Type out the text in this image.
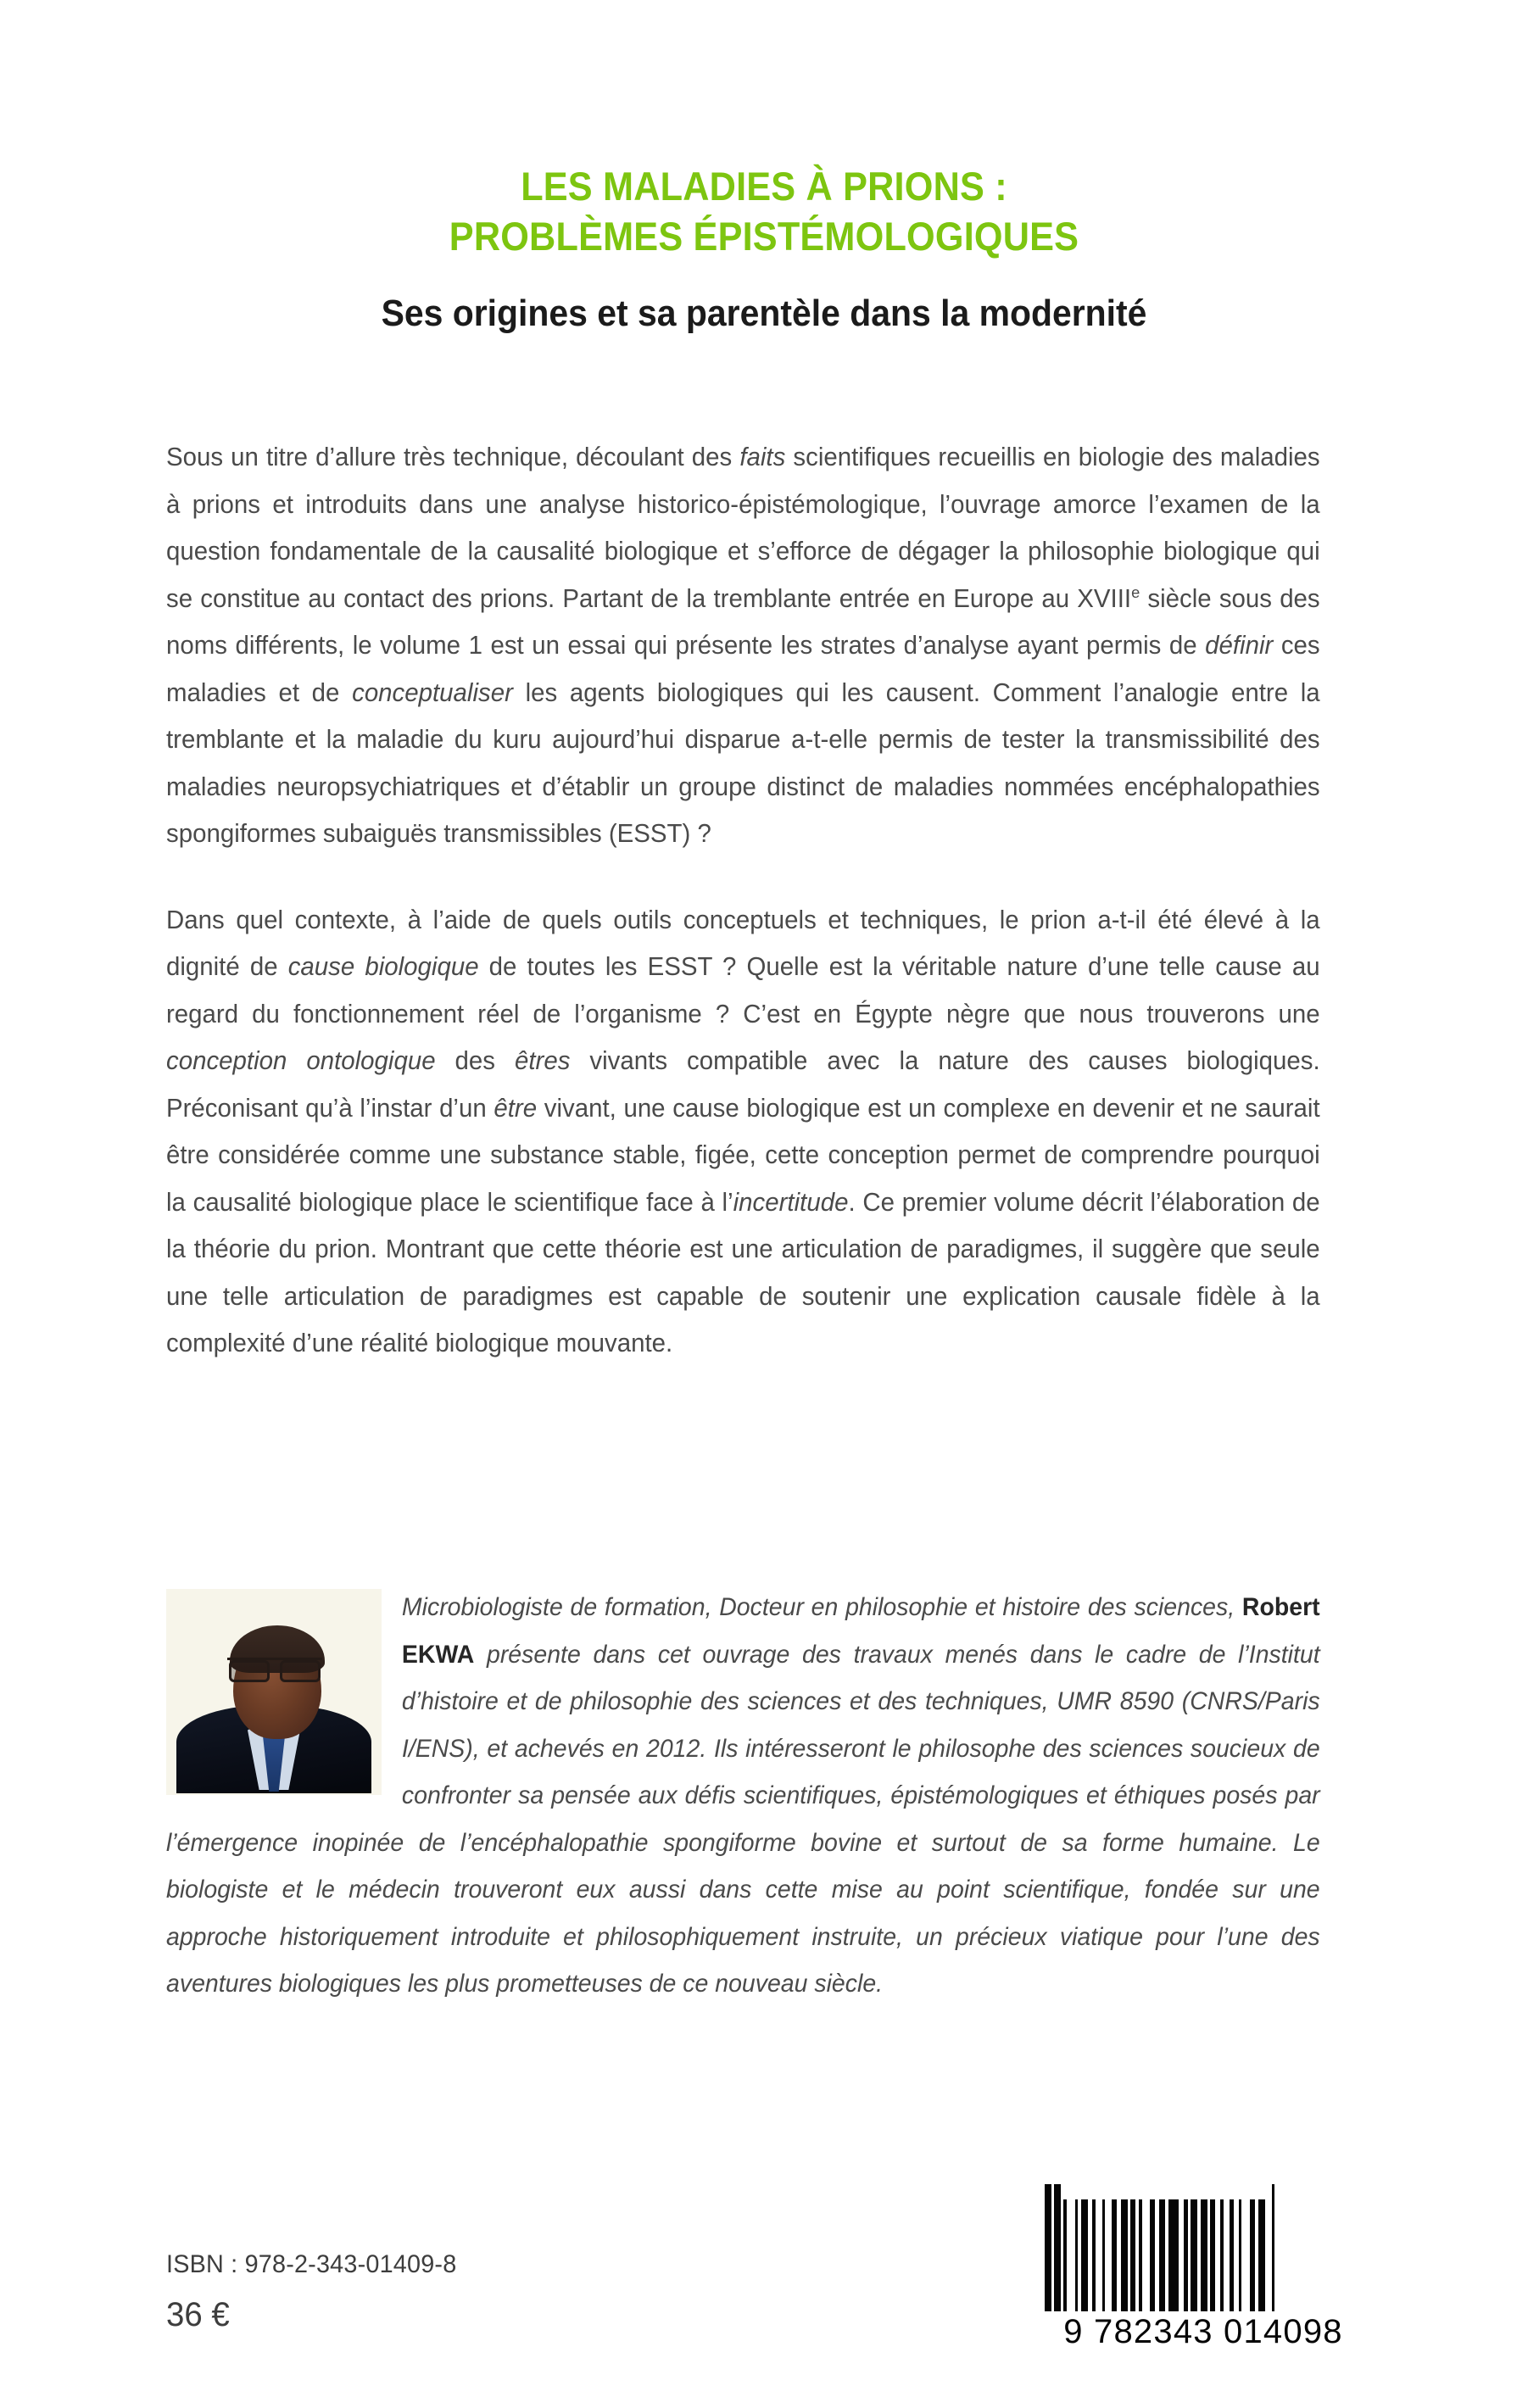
LES MALADIES À PRIONS :
PROBLÈMES ÉPISTÉMOLOGIQUES
Ses origines et sa parentèle dans la modernité

Sous un titre d’allure très technique, découlant des faits scientifiques recueillis en biologie des maladies à prions et introduits dans une analyse historico-épistémologique, l’ouvrage amorce l’examen de la question fondamentale de la causalité biologique et s’efforce de dégager la philosophie biologique qui se constitue au contact des prions. Partant de la tremblante entrée en Europe au XVIIIe siècle sous des noms différents, le volume 1 est un essai qui présente les strates d’analyse ayant permis de définir ces maladies et de conceptualiser les agents biologiques qui les causent. Comment l’analogie entre la tremblante et la maladie du kuru aujourd’hui disparue a-t-elle permis de tester la transmissibilité des maladies neuropsychiatriques et d’établir un groupe distinct de maladies nommées encéphalopathies spongiformes subaiguës transmissibles (ESST) ?

Dans quel contexte, à l’aide de quels outils conceptuels et techniques, le prion a-t-il été élevé à la dignité de cause biologique de toutes les ESST ? Quelle est la véritable nature d’une telle cause au regard du fonctionnement réel de l’organisme ? C’est en Égypte nègre que nous trouverons une conception ontologique des êtres vivants compatible avec la nature des causes biologiques. Préconisant qu’à l’instar d’un être vivant, une cause biologique est un complexe en devenir et ne saurait être considérée comme une substance stable, figée, cette conception permet de comprendre pourquoi la causalité biologique place le scientifique face à l’incertitude. Ce premier volume décrit l’élaboration de la théorie du prion. Montrant que cette théorie est une articulation de paradigmes, il suggère que seule une telle articulation de paradigmes est capable de soutenir une explication causale fidèle à la complexité d’une réalité biologique mouvante.

Microbiologiste de formation, Docteur en philosophie et histoire des sciences, Robert EKWA présente dans cet ouvrage des travaux menés dans le cadre de l’Institut d’histoire et de philosophie des sciences et des techniques, UMR 8590 (CNRS/Paris I/ENS), et achevés en 2012. Ils intéresseront le philosophe des sciences soucieux de confronter sa pensée aux défis scientifiques, épistémologiques et éthiques posés par l’émergence inopinée de l’encéphalopathie spongiforme bovine et surtout de sa forme humaine. Le biologiste et le médecin trouveront eux aussi dans cette mise au point scientifique, fondée sur une approche historiquement introduite et philosophiquement instruite, un précieux viatique pour l’une des aventures biologiques les plus prometteuses de ce nouveau siècle.

ISBN : 978-2-343-01409-8
36 €	9 782343 014098
